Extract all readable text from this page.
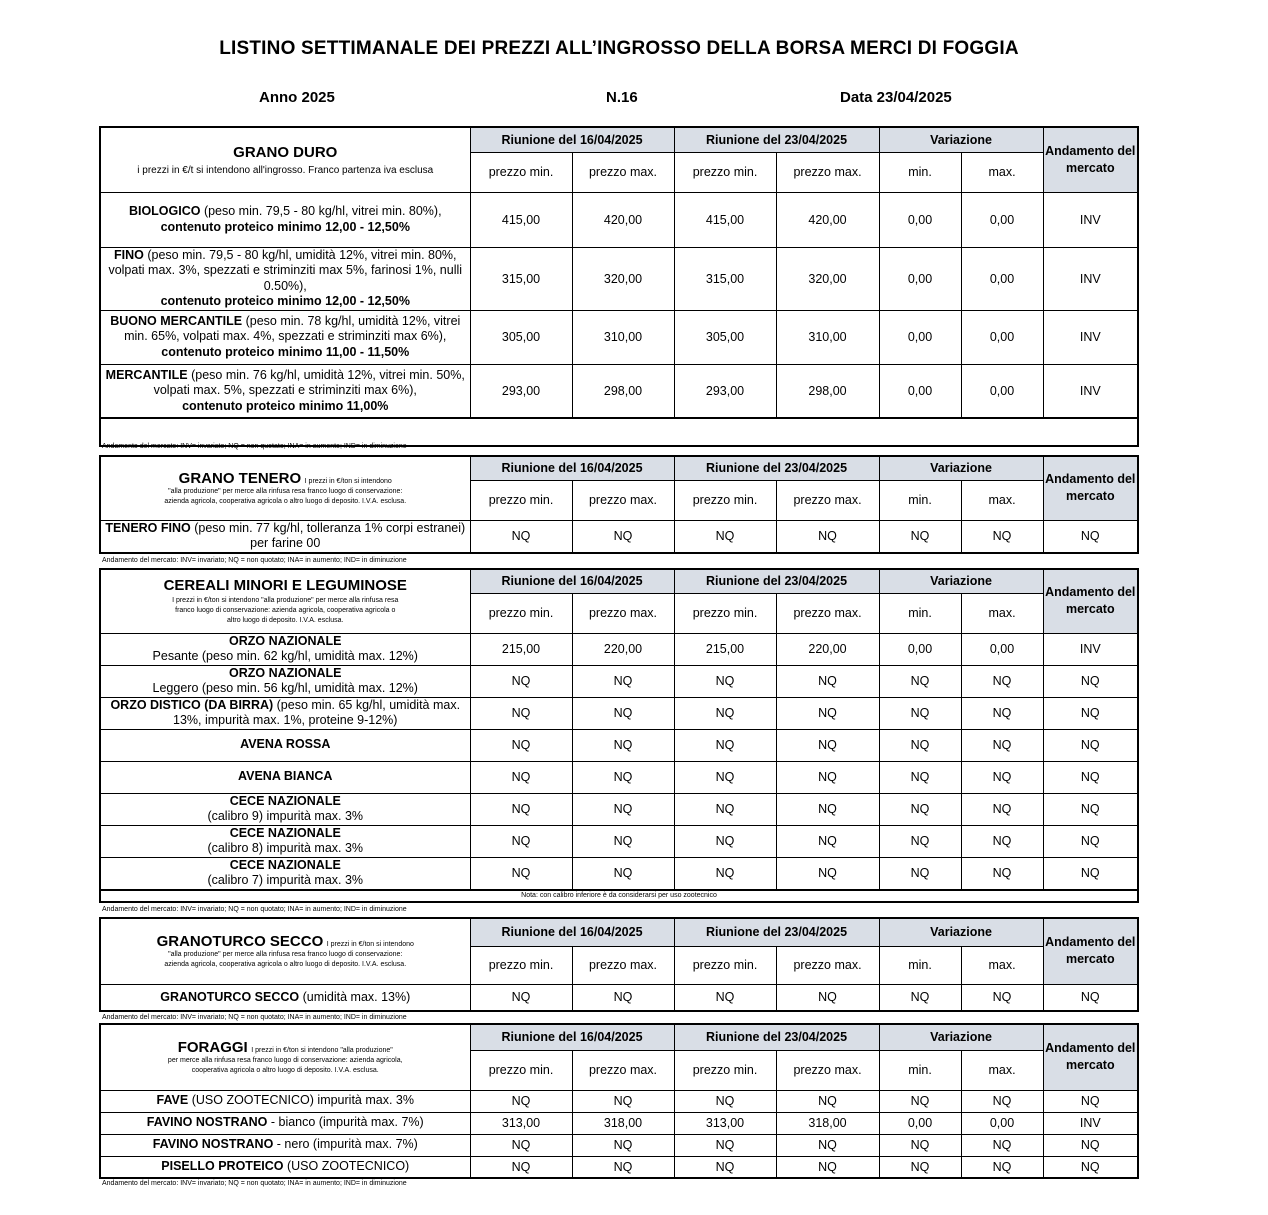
LISTINO SETTIMANALE DEI PREZZI ALL’INGROSSO DELLA BORSA MERCI DI FOGGIA
Anno 2025	N.16	Data 23/04/2025
GRANO DURO
i prezzi in €/t si intendono all'ingrosso. Franco partenza iva esclusa	Riunione del 16/04/2025		Riunione del 23/04/2025		Variazione		Andamento del mercato
	prezzo min.	prezzo max.	prezzo min.	prezzo max.	min.	max.	
BIOLOGICO (peso min. 79,5 - 80 kg/hl, vitrei min. 80%),
contenuto proteico minimo 12,00 - 12,50%	415,00	420,00	415,00	420,00	0,00	0,00	INV
FINO (peso min. 79,5 - 80 kg/hl, umidità 12%, vitrei min. 80%, volpati max. 3%, spezzati e striminziti max 5%, farinosi 1%, nulli 0.50%),
contenuto proteico minimo 12,00 - 12,50%	315,00	320,00	315,00	320,00	0,00	0,00	INV
BUONO MERCANTILE (peso min. 78 kg/hl, umidità 12%, vitrei min. 65%, volpati max. 4%, spezzati e striminziti max 6%),
contenuto proteico minimo 11,00 - 11,50%	305,00	310,00	305,00	310,00	0,00	0,00	INV
MERCANTILE (peso min. 76 kg/hl, umidità 12%, vitrei min. 50%, volpati max. 5%, spezzati e striminziti max 6%),
contenuto proteico minimo 11,00%	293,00	298,00	293,00	298,00	0,00	0,00	INV

Andamento del mercato: INV= invariato; NQ = non quotato; INA= in aumento; IND= in diminuzione
GRANO TENERO I prezzi in €/ton si intendono
"alla produzione" per merce alla rinfusa resa franco luogo di conservazione: azienda agricola, cooperativa agricola o altro luogo di deposito. I.V.A. esclusa.	Riunione del 16/04/2025		Riunione del 23/04/2025		Variazione		Andamento del mercato
	prezzo min.	prezzo max.	prezzo min.	prezzo max.	min.	max.	
TENERO FINO (peso min. 77 kg/hl, tolleranza 1% corpi estranei) per farine 00	NQ	NQ	NQ	NQ	NQ	NQ	NQ
Andamento del mercato: INV= invariato; NQ = non quotato; INA= in aumento; IND= in diminuzione
CEREALI MINORI E LEGUMINOSE
I prezzi in €/ton si intendono "alla produzione" per merce alla rinfusa resa franco luogo di conservazione: azienda agricola, cooperativa agricola o altro luogo di deposito. I.V.A. esclusa.	Riunione del 16/04/2025		Riunione del 23/04/2025		Variazione		Andamento del mercato
	prezzo min.	prezzo max.	prezzo min.	prezzo max.	min.	max.	
ORZO NAZIONALE
Pesante (peso min. 62 kg/hl, umidità max. 12%)	215,00	220,00	215,00	220,00	0,00	0,00	INV
ORZO NAZIONALE
Leggero (peso min. 56 kg/hl, umidità max. 12%)	NQ	NQ	NQ	NQ	NQ	NQ	NQ
ORZO DISTICO (DA BIRRA) (peso min. 65 kg/hl, umidità max. 13%, impurità max. 1%, proteine 9-12%)	NQ	NQ	NQ	NQ	NQ	NQ	NQ
AVENA ROSSA	NQ	NQ	NQ	NQ	NQ	NQ	NQ
AVENA BIANCA	NQ	NQ	NQ	NQ	NQ	NQ	NQ
CECE NAZIONALE
(calibro 9) impurità max. 3%	NQ	NQ	NQ	NQ	NQ	NQ	NQ
CECE NAZIONALE
(calibro 8) impurità max. 3%	NQ	NQ	NQ	NQ	NQ	NQ	NQ
CECE NAZIONALE
(calibro 7) impurità max. 3%	NQ	NQ	NQ	NQ	NQ	NQ	NQ
Nota: con calibro inferiore è da considerarsi per uso zootecnico							
Andamento del mercato: INV= invariato; NQ = non quotato; INA= in aumento; IND= in diminuzione
GRANOTURCO SECCO I prezzi in €/ton si intendono
"alla produzione" per merce alla rinfusa resa franco luogo di conservazione: azienda agricola, cooperativa agricola o altro luogo di deposito. I.V.A. esclusa.	Riunione del 16/04/2025		Riunione del 23/04/2025		Variazione		Andamento del mercato
	prezzo min.	prezzo max.	prezzo min.	prezzo max.	min.	max.	
GRANOTURCO SECCO (umidità max. 13%)	NQ	NQ	NQ	NQ	NQ	NQ	NQ
Andamento del mercato: INV= invariato; NQ = non quotato; INA= in aumento; IND= in diminuzione
FORAGGI I prezzi in €/ton si intendono "alla produzione"
per merce alla rinfusa resa franco luogo di conservazione: azienda agricola, cooperativa agricola o altro luogo di deposito. I.V.A. esclusa.	Riunione del 16/04/2025		Riunione del 23/04/2025		Variazione		Andamento del mercato
	prezzo min.	prezzo max.	prezzo min.	prezzo max.	min.	max.	
FAVE (USO ZOOTECNICO) impurità max. 3%	NQ	NQ	NQ	NQ	NQ	NQ	NQ
FAVINO NOSTRANO - bianco (impurità max. 7%)	313,00	318,00	313,00	318,00	0,00	0,00	INV
FAVINO NOSTRANO - nero (impurità max. 7%)	NQ	NQ	NQ	NQ	NQ	NQ	NQ
PISELLO PROTEICO (USO ZOOTECNICO)	NQ	NQ	NQ	NQ	NQ	NQ	NQ
Andamento del mercato: INV= invariato; NQ = non quotato; INA= in aumento; IND= in diminuzione
